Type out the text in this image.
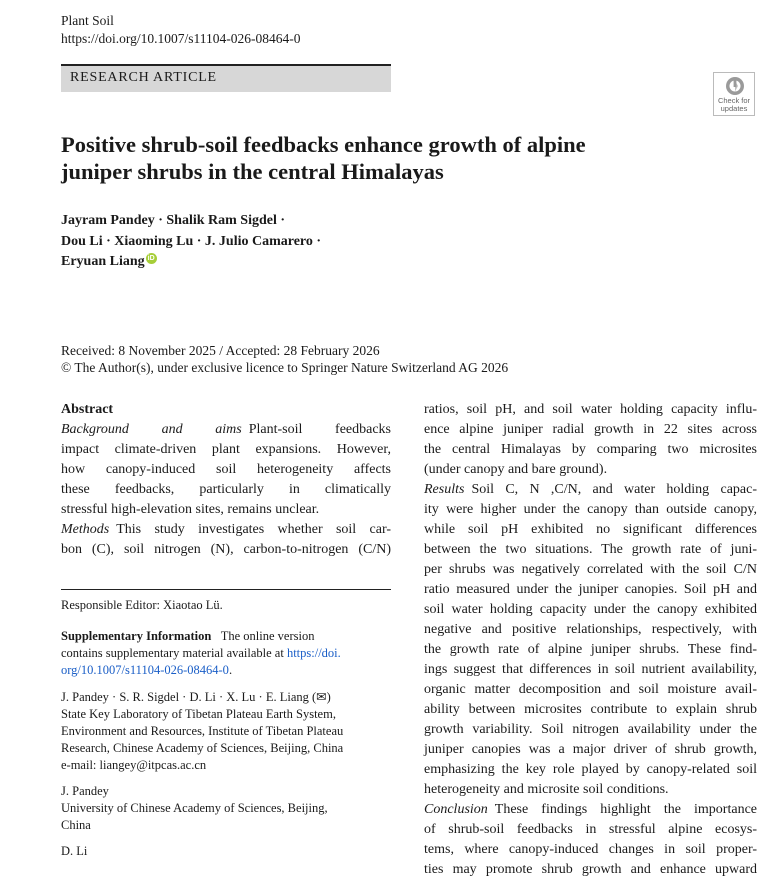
Plant Soil
https://doi.org/10.1007/s11104-026-08464-0
RESEARCH ARTICLE
Check for
updates
Positive shrub-soil feedbacks enhance growth of alpine
juniper shrubs in the central Himalayas
Jayram Pandey · Shalik Ram Sigdel ·
Dou Li · Xiaoming Lu · J. Julio Camarero ·
Eryuan Liang iD
Received: 8 November 2025 / Accepted: 28 February 2026
© The Author(s), under exclusive licence to Springer Nature Switzerland AG 2026
Abstract
Background and aims  Plant-soil feedbacks
impact climate-driven plant expansions. However,
how canopy-induced soil heterogeneity affects
these feedbacks, particularly in climatically
stressful high-elevation sites, remains unclear.
Methods  This study investigates whether soil car-
bon (C), soil nitrogen (N), carbon-to-nitrogen (C/N)
Responsible Editor: Xiaotao Lü.
Supplementary Information The online version
contains supplementary material available at https://doi.
org/10.1007/s11104-026-08464-0.
J. Pandey · S. R. Sigdel · D. Li · X. Lu · E. Liang (✉)
State Key Laboratory of Tibetan Plateau Earth System,
Environment and Resources, Institute of Tibetan Plateau
Research, Chinese Academy of Sciences, Beijing, China
e-mail: liangey@itpcas.ac.cn
J. Pandey
University of Chinese Academy of Sciences, Beijing,
China
D. Li
ratios, soil pH, and soil water holding capacity influ-
ence alpine juniper radial growth in 22 sites across
the central Himalayas by comparing two microsites
(under canopy and bare ground).
Results  Soil C, N ,C/N, and water holding capac-
ity were higher under the canopy than outside canopy,
while soil pH exhibited no significant differences
between the two situations. The growth rate of juni-
per shrubs was negatively correlated with the soil C/N
ratio measured under the juniper canopies. Soil pH and
soil water holding capacity under the canopy exhibited
negative and positive relationships, respectively, with
the growth rate of alpine juniper shrubs. These find-
ings suggest that differences in soil nutrient availability,
organic matter decomposition and soil moisture avail-
ability between microsites contribute to explain shrub
growth variability. Soil nitrogen availability under the
juniper canopies was a major driver of shrub growth,
emphasizing the key role played by canopy-related soil
heterogeneity and microsite soil conditions.
Conclusion  These findings highlight the importance
of shrub-soil feedbacks in stressful alpine ecosys-
tems, where canopy-induced changes in soil proper-
ties may promote shrub growth and enhance upward
